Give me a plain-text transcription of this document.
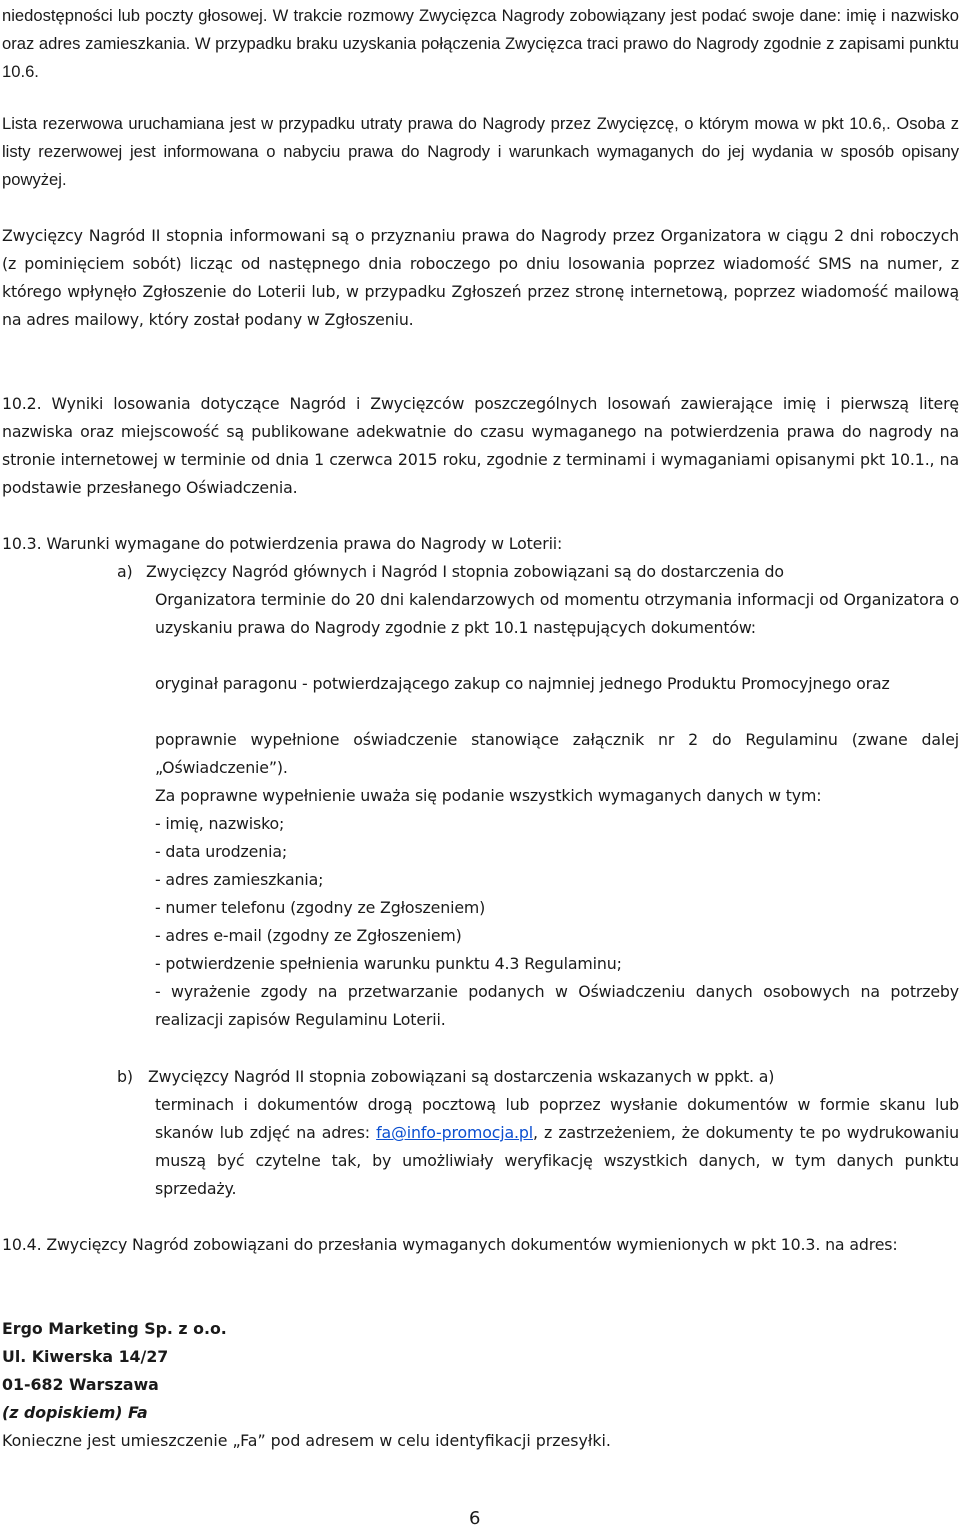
niedostępności lub poczty głosowej. W trakcie rozmowy Zwycięzca Nagrody zobowiązany jest podać swoje dane: imię i nazwisko oraz adres zamieszkania. W przypadku braku uzyskania połączenia Zwycięzca traci prawo do Nagrody zgodnie z zapisami punktu 10.6.

Lista rezerwowa uruchamiana jest w przypadku utraty prawa do Nagrody przez Zwycięzcę, o którym mowa w pkt 10.6,. Osoba z listy rezerwowej jest informowana o nabyciu prawa do Nagrody i warunkach wymaganych do jej wydania w sposób opisany powyżej.

Zwycięzcy Nagród II stopnia informowani są o przyznaniu prawa do Nagrody przez Organizatora w ciągu 2 dni roboczych (z pominięciem sobót) licząc od następnego dnia roboczego po dniu losowania poprzez wiadomość SMS na numer, z którego wpłynęło Zgłoszenie do Loterii lub, w przypadku Zgłoszeń przez stronę internetową, poprzez wiadomość mailową na adres mailowy, który został podany w Zgłoszeniu.

10.2. Wyniki losowania dotyczące Nagród i Zwycięzców poszczególnych losowań zawierające imię i pierwszą literę nazwiska oraz miejscowość są publikowane adekwatnie do czasu wymaganego na potwierdzenia prawa do nagrody na stronie internetowej w terminie od dnia 1 czerwca 2015 roku, zgodnie z terminami i wymaganiami opisanymi pkt 10.1., na podstawie przesłanego Oświadczenia.

10.3. Warunki wymagane do potwierdzenia prawa do Nagrody w Loterii:

a) Zwycięzcy Nagród głównych i Nagród I stopnia zobowiązani są do dostarczenia do

Organizatora terminie do 20 dni kalendarzowych od momentu otrzymania informacji od Organizatora o uzyskaniu prawa do Nagrody zgodnie z pkt 10.1 następujących dokumentów:

oryginał paragonu - potwierdzającego zakup co najmniej jednego Produktu Promocyjnego oraz

poprawnie wypełnione oświadczenie stanowiące załącznik nr 2 do Regulaminu (zwane dalej „Oświadczenie”).

Za poprawne wypełnienie uważa się podanie wszystkich wymaganych danych w tym:

- imię, nazwisko;
- data urodzenia;
- adres zamieszkania;
- numer telefonu (zgodny ze Zgłoszeniem)
- adres e-mail (zgodny ze Zgłoszeniem)
- potwierdzenie spełnienia warunku punktu 4.3 Regulaminu;
- wyrażenie zgody na przetwarzanie podanych w Oświadczeniu danych osobowych na potrzeby realizacji zapisów Regulaminu Loterii.
b) Zwycięzcy Nagród II stopnia zobowiązani są dostarczenia wskazanych w ppkt. a)

terminach i dokumentów drogą pocztową lub poprzez wysłanie dokumentów w formie skanu lub skanów lub zdjęć na adres: fa@info-promocja.pl, z zastrzeżeniem, że dokumenty te po wydrukowaniu muszą być czytelne tak, by umożliwiały weryfikację wszystkich danych, w tym danych punktu sprzedaży.

10.4. Zwycięzcy Nagród zobowiązani do przesłania wymaganych dokumentów wymienionych w pkt 10.3. na adres:

Ergo Marketing Sp. z o.o.
Ul. Kiwerska 14/27
01-682 Warszawa
(z dopiskiem) Fa

Konieczne jest umieszczenie „Fa” pod adresem w celu identyfikacji przesyłki.

6
